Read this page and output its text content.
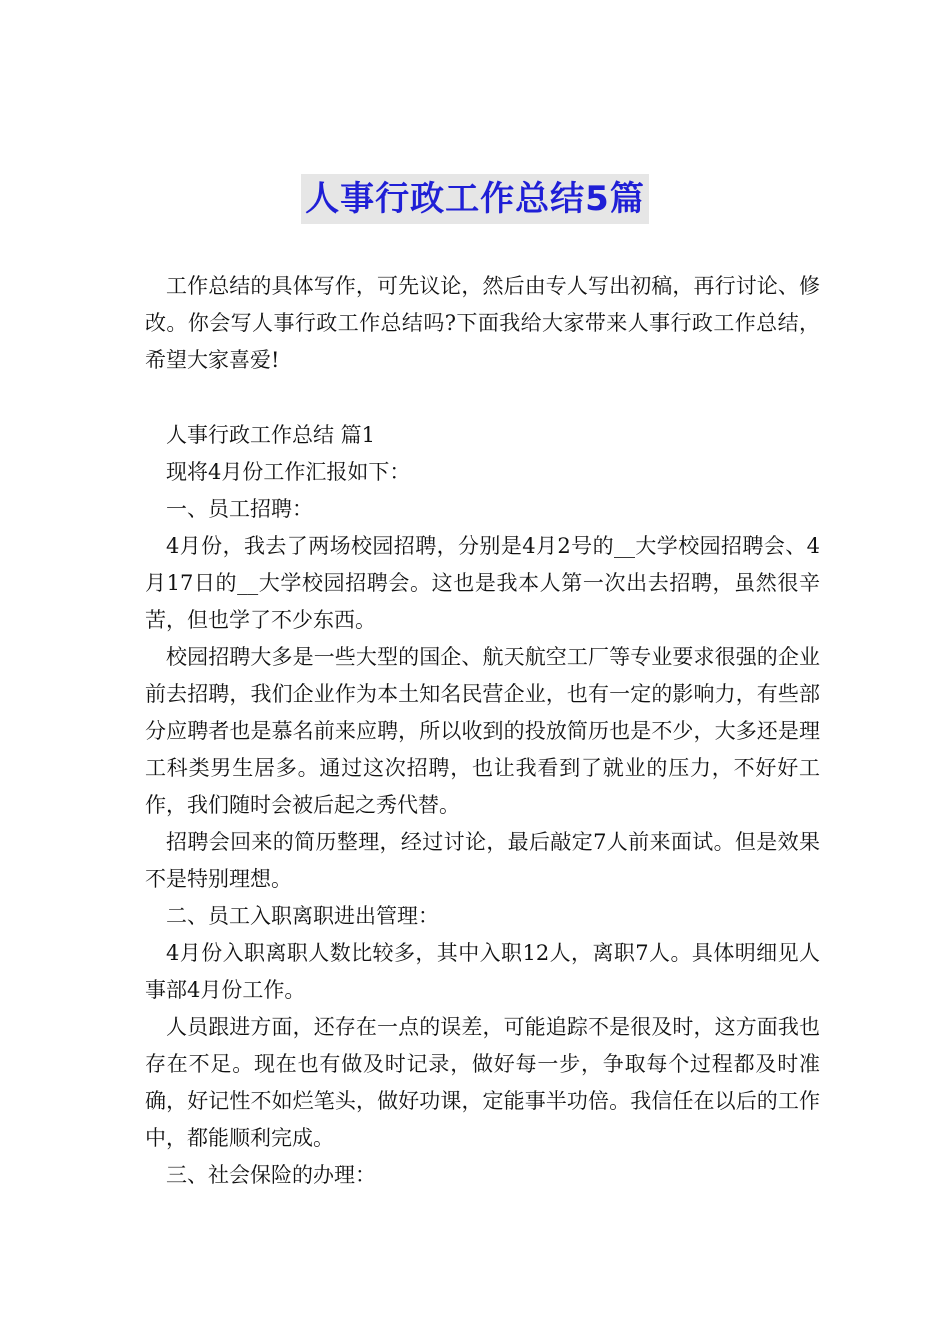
人事行政工作总结5篇

工作总结的具体写作，可先议论，然后由专人写出初稿，再行讨论、修改。你会写人事行政工作总结吗?下面我给大家带来人事行政工作总结，希望大家喜爱!

人事行政工作总结 篇1

现将4月份工作汇报如下：

一、员工招聘：

4月份，我去了两场校园招聘，分别是4月2号的__大学校园招聘会、4月17日的__大学校园招聘会。这也是我本人第一次出去招聘，虽然很辛苦，但也学了不少东西。

校园招聘大多是一些大型的国企、航天航空工厂等专业要求很强的企业前去招聘，我们企业作为本土知名民营企业，也有一定的影响力，有些部分应聘者也是慕名前来应聘，所以收到的投放简历也是不少，大多还是理工科类男生居多。通过这次招聘，也让我看到了就业的压力，不好好工作，我们随时会被后起之秀代替。

招聘会回来的简历整理，经过讨论，最后敲定7人前来面试。但是效果不是特别理想。

二、员工入职离职进出管理：

4月份入职离职人数比较多，其中入职12人，离职7人。具体明细见人事部4月份工作。

人员跟进方面，还存在一点的误差，可能追踪不是很及时，这方面我也存在不足。现在也有做及时记录，做好每一步，争取每个过程都及时准确，好记性不如烂笔头，做好功课，定能事半功倍。我信任在以后的工作中，都能顺利完成。

三、社会保险的办理：
